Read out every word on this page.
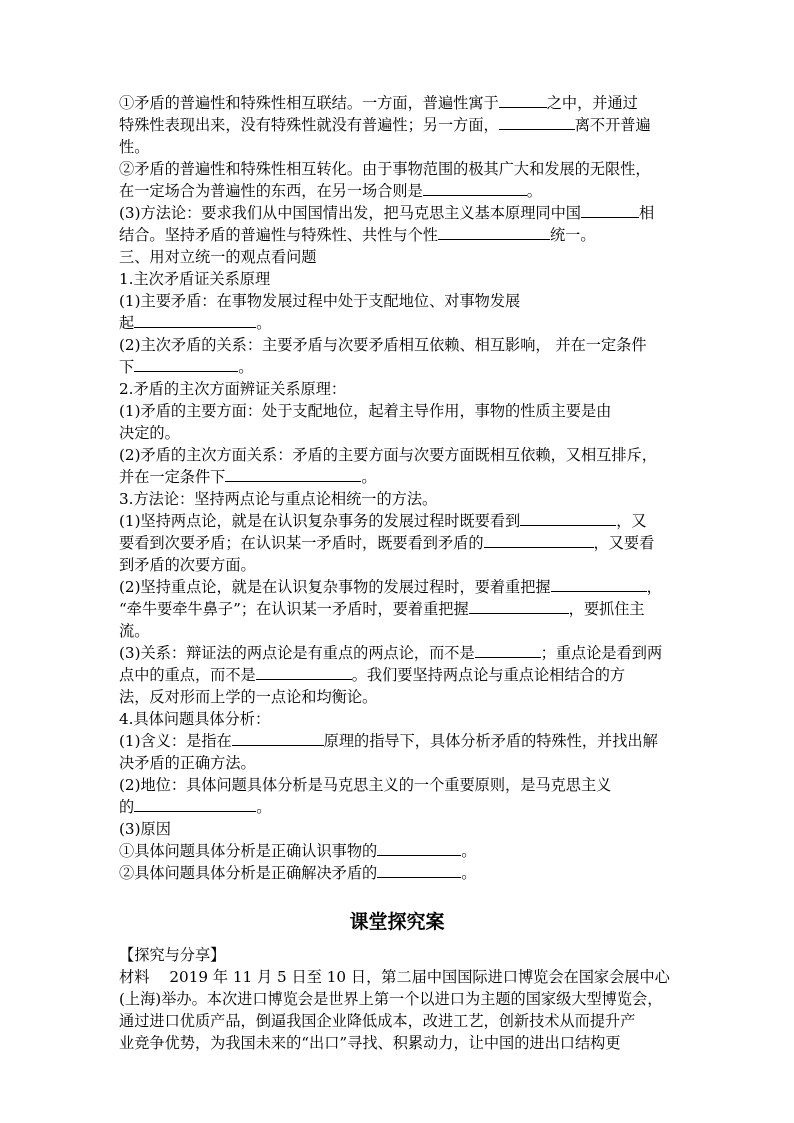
①矛盾的普遍性和特殊性相互联结。一方面，普遍性寓于	之中，并通过
特殊性表现出来，没有特殊性就没有普遍性；另一方面，	离不开普遍
性。
②矛盾的普遍性和特殊性相互转化。由于事物范围的极其广大和发展的无限性，
在一定场合为普遍性的东西，在另一场合则是	。
(3)方法论：要求我们从中国国情出发，把马克思主义基本原理同中国	相
结合。坚持矛盾的普遍性与特殊性、共性与个性	统一。
三、用对立统一的观点看问题
1.主次矛盾证关系原理
(1)主要矛盾：在事物发展过程中处于支配地位、对事物发展
起	。
(2)主次矛盾的关系：主要矛盾与次要矛盾相互依赖、相互影响， 并在一定条件
下	。
2.矛盾的主次方面辨证关系原理：
(1)矛盾的主要方面：处于支配地位，起着主导作用，事物的性质主要是由
决定的。
(2)矛盾的主次方面关系：矛盾的主要方面与次要方面既相互依赖，又相互排斥，
并在一定条件下	。
3.方法论：坚持两点论与重点论相统一的方法。
(1)坚持两点论，就是在认识复杂事务的发展过程时既要看到	，又
要看到次要矛盾；在认识某一矛盾时，既要看到矛盾的	，又要看
到矛盾的次要方面。
(2)坚持重点论，就是在认识复杂事物的发展过程时，要着重把握	，
“牵牛要牵牛鼻子”；在认识某一矛盾时，要着重把握	，要抓住主
流。
(3)关系：辩证法的两点论是有重点的两点论，而不是	；重点论是看到两
点中的重点，而不是	。我们要坚持两点论与重点论相结合的方
法，反对形而上学的一点论和均衡论。
4.具体问题具体分析：
(1)含义：是指在	原理的指导下，具体分析矛盾的特殊性，并找出解
决矛盾的正确方法。
(2)地位：具体问题具体分析是马克思主义的一个重要原则，是马克思主义
的	。
(3)原因
①具体问题具体分析是正确认识事物的	。
②具体问题具体分析是正确解决矛盾的	。
课堂探究案
【探究与分享】
材料　 2019 年 11 月 5 日至 10 日，第二届中国国际进口博览会在国家会展中心
(上海)举办。本次进口博览会是世界上第一个以进口为主题的国家级大型博览会，
通过进口优质产品，倒逼我国企业降低成本，改进工艺，创新技术从而提升产
业竞争优势，为我国未来的“出口”寻找、积累动力，让中国的进出口结构更
